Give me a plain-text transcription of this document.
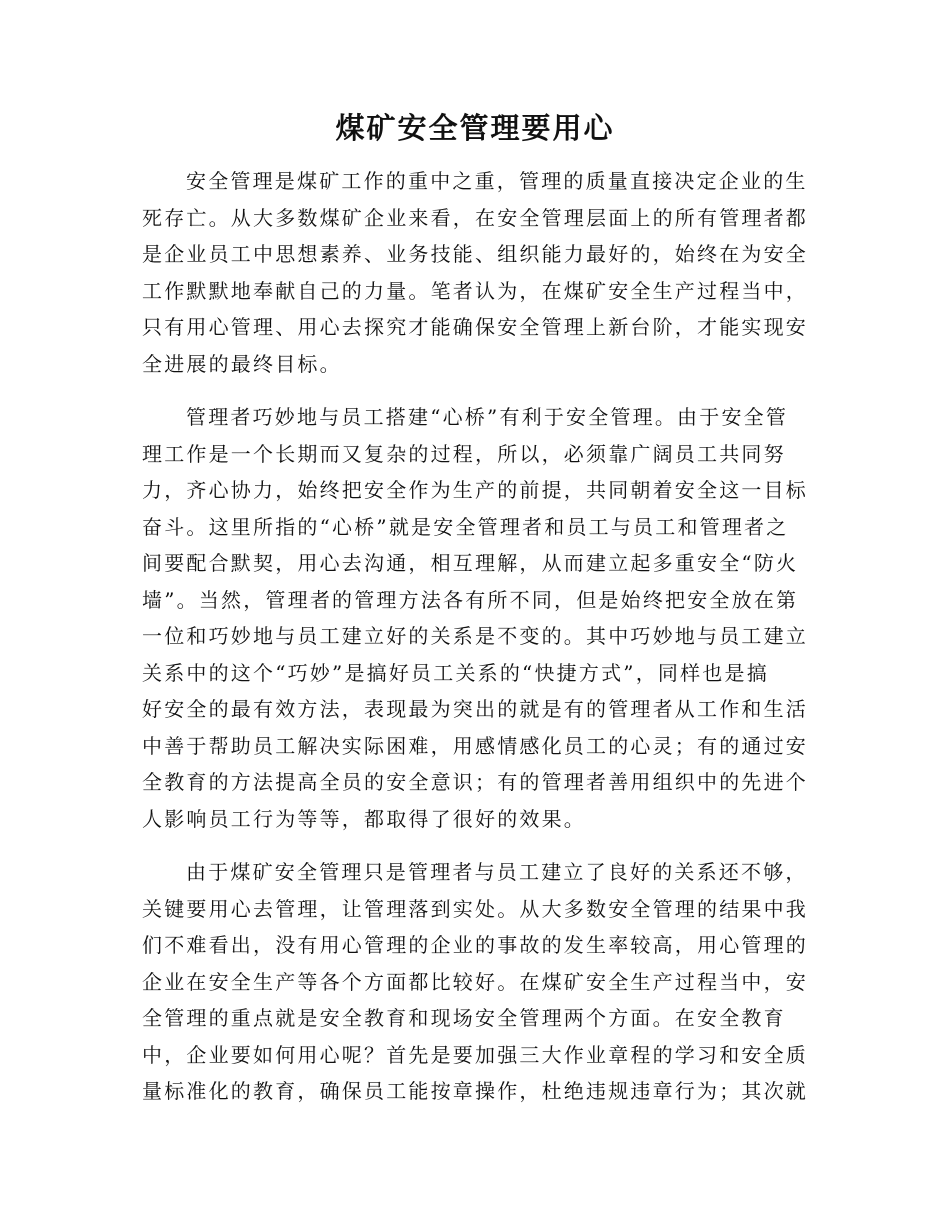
煤矿安全管理要用心
安全管理是煤矿工作的重中之重，管理的质量直接决定企业的生
死存亡。从大多数煤矿企业来看，在安全管理层面上的所有管理者都
是企业员工中思想素养、业务技能、组织能力最好的，始终在为安全
工作默默地奉献自己的力量。笔者认为，在煤矿安全生产过程当中，
只有用心管理、用心去探究才能确保安全管理上新台阶，才能实现安
全进展的最终目标。
管理者巧妙地与员工搭建“心桥”有利于安全管理。由于安全管
理工作是一个长期而又复杂的过程，所以，必须靠广阔员工共同努
力，齐心协力，始终把安全作为生产的前提，共同朝着安全这一目标
奋斗。这里所指的“心桥”就是安全管理者和员工与员工和管理者之
间要配合默契，用心去沟通，相互理解，从而建立起多重安全“防火
墙”。当然，管理者的管理方法各有所不同，但是始终把安全放在第
一位和巧妙地与员工建立好的关系是不变的。其中巧妙地与员工建立
关系中的这个“巧妙”是搞好员工关系的“快捷方式”，同样也是搞
好安全的最有效方法，表现最为突出的就是有的管理者从工作和生活
中善于帮助员工解决实际困难，用感情感化员工的心灵；有的通过安
全教育的方法提高全员的安全意识；有的管理者善用组织中的先进个
人影响员工行为等等，都取得了很好的效果。
由于煤矿安全管理只是管理者与员工建立了良好的关系还不够，
关键要用心去管理，让管理落到实处。从大多数安全管理的结果中我
们不难看出，没有用心管理的企业的事故的发生率较高，用心管理的
企业在安全生产等各个方面都比较好。在煤矿安全生产过程当中，安
全管理的重点就是安全教育和现场安全管理两个方面。在安全教育
中，企业要如何用心呢？首先是要加强三大作业章程的学习和安全质
量标准化的教育，确保员工能按章操作，杜绝违规违章行为；其次就
